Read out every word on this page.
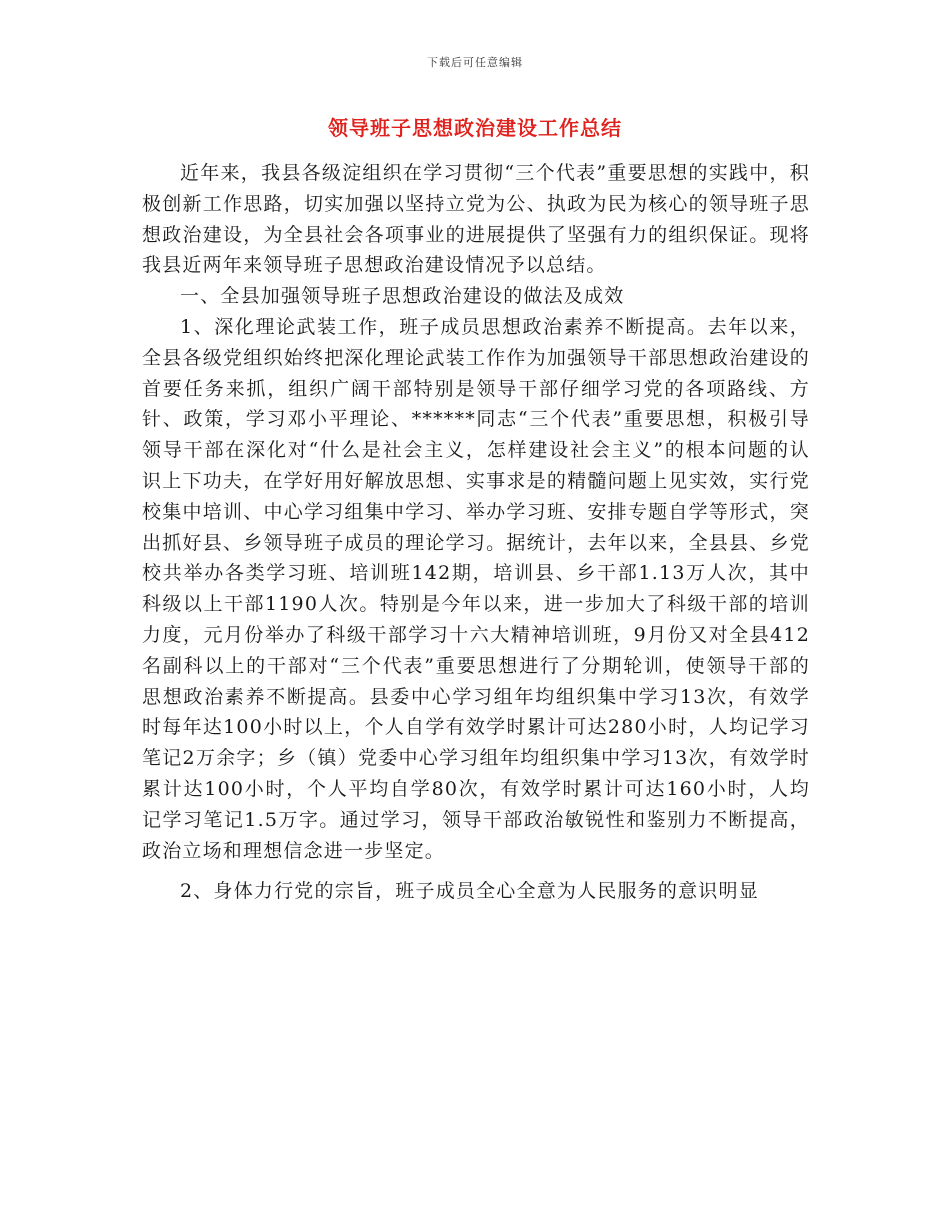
下载后可任意编辑
领导班子思想政治建设工作总结

近年来，我县各级淀组织在学习贯彻“三个代表”重要思想的实践中，积极创新工作思路，切实加强以坚持立党为公、执政为民为核心的领导班子思想政治建设，为全县社会各项事业的进展提供了坚强有力的组织保证。现将我县近两年来领导班子思想政治建设情况予以总结。

一、全县加强领导班子思想政治建设的做法及成效

1、深化理论武装工作，班子成员思想政治素养不断提高。去年以来，全县各级党组织始终把深化理论武装工作作为加强领导干部思想政治建设的首要任务来抓，组织广阔干部特别是领导干部仔细学习党的各项路线、方针、政策，学习邓小平理论、******同志“三个代表”重要思想，积极引导领导干部在深化对“什么是社会主义，怎样建设社会主义”的根本问题的认识上下功夫，在学好用好解放思想、实事求是的精髓问题上见实效，实行党校集中培训、中心学习组集中学习、举办学习班、安排专题自学等形式，突出抓好县、乡领导班子成员的理论学习。据统计，去年以来，全县县、乡党校共举办各类学习班、培训班142期，培训县、乡干部1.13万人次，其中科级以上干部1190人次。特别是今年以来，进一步加大了科级干部的培训力度，元月份举办了科级干部学习十六大精神培训班，9月份又对全县412名副科以上的干部对“三个代表”重要思想进行了分期轮训，使领导干部的思想政治素养不断提高。县委中心学习组年均组织集中学习13次，有效学时每年达100小时以上，个人自学有效学时累计可达280小时，人均记学习笔记2万余字；乡（镇）党委中心学习组年均组织集中学习13次，有效学时累计达100小时，个人平均自学80次，有效学时累计可达160小时，人均记学习笔记1.5万字。通过学习，领导干部政治敏锐性和鉴别力不断提高，政治立场和理想信念进一步坚定。

2、身体力行党的宗旨，班子成员全心全意为人民服务的意识明显
